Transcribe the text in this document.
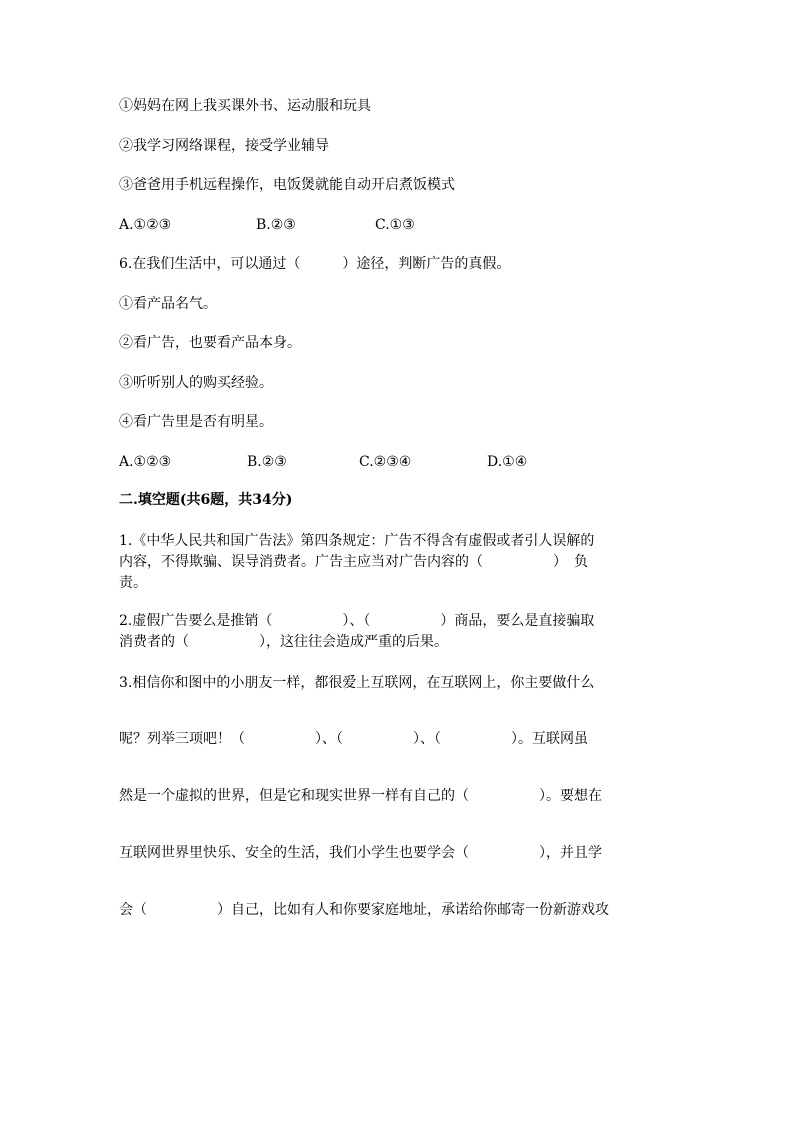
①妈妈在网上我买课外书、运动服和玩具
②我学习网络课程，接受学业辅导
③爸爸用手机远程操作，电饭煲就能自动开启煮饭模式
A.①②③	B.②③	C.①③
6.在我们生活中，可以通过（　　　）途径，判断广告的真假。
①看产品名气。
②看广告，也要看产品本身。
③听听别人的购买经验。
④看广告里是否有明星。
A.①②③	B.②③	C.②③④	D.①④
二.填空题(共6题，共34分)
1.《中华人民共和国广告法》第四条规定：广告不得含有虚假或者引人误解的
内容，不得欺骗、误导消费者。广告主应当对广告内容的（　　　　　）　负
责。
2.虚假广告要么是推销（　　　　　）、（　　　　　）商品，要么是直接骗取
消费者的（　　　　　），这往往会造成严重的后果。
3.相信你和图中的小朋友一样，都很爱上互联网，在互联网上，你主要做什么
呢？列举三项吧！（　　　　　）、（　　　　　）、（　　　　　）。互联网虽
然是一个虚拟的世界，但是它和现实世界一样有自己的（　　　　　）。要想在
互联网世界里快乐、安全的生活，我们小学生也要学会（　　　　　），并且学
会（　　　　　）自己，比如有人和你要家庭地址，承诺给你邮寄一份新游戏攻
